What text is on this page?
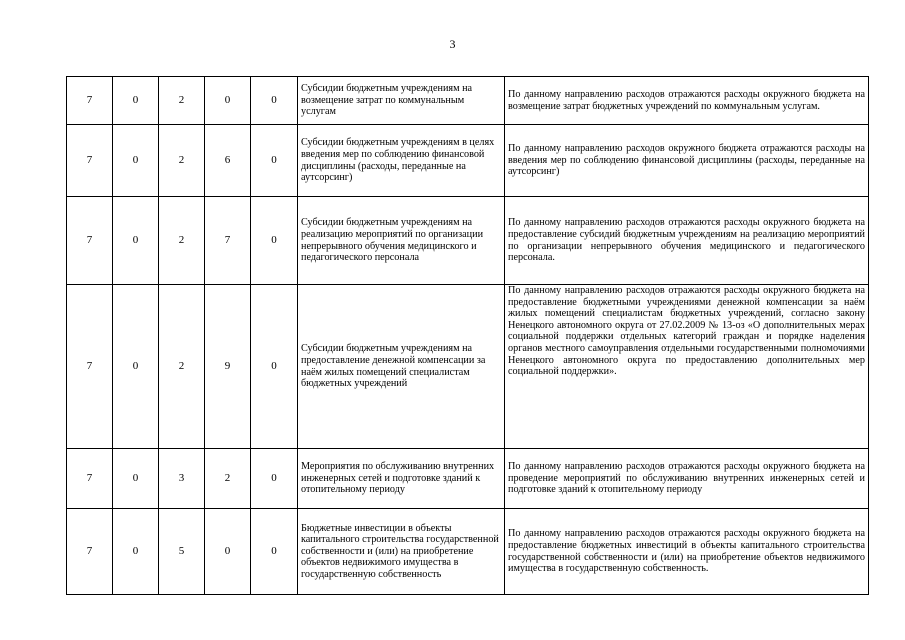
3
7	0	2	0	0	Субсидии бюджетным учреждениям на возмещение затрат по коммунальным услугам	По данному направлению расходов отражаются расходы окружного бюджета на возмещение затрат бюджетных учреждений по коммунальным услугам.
7	0	2	6	0	Субсидии бюджетным учреждениям в целях введения мер по соблюдению финансовой дисциплины (расходы, переданные на аутсорсинг)	По данному направлению расходов окружного бюджета отражаются расходы на введения мер по соблюдению финансовой дисциплины (расходы, переданные на аутсорсинг)
7	0	2	7	0	Субсидии бюджетным учреждениям на реализацию мероприятий по организации непрерывного обучения медицинского и педагогического персонала	По данному направлению расходов отражаются расходы окружного бюджета на предоставление субсидий бюджетным учреждениям на реализацию мероприятий по организации непрерывного обучения медицинского и педагогического персонала.
7	0	2	9	0	Субсидии бюджетным учреждениям на предоставление денежной компенсации за наём жилых помещений специалистам бюджетных учреждений	По данному направлению расходов отражаются расходы окружного бюджета на предоставление бюджетными учреждениями денежной компенсации за наём жилых помещений специалистам бюджетных учреждений, согласно закону Ненецкого автономного округа от 27.02.2009 № 13-оз «О дополнительных мерах социальной поддержки отдельных категорий граждан и порядке наделения органов местного самоуправления отдельными государственными полномочиями Ненецкого автономного округа по предоставлению дополнительных мер социальной поддержки».
7	0	3	2	0	Мероприятия по обслуживанию внутренних инженерных сетей и подготовке зданий к отопительному периоду	По данному направлению расходов отражаются расходы окружного бюджета на проведение мероприятий по обслуживанию внутренних инженерных сетей и подготовке зданий к отопительному периоду
7	0	5	0	0	Бюджетные инвестиции в объекты капитального строительства государственной собственности и (или) на приобретение объектов недвижимого имущества в государственную собственность	По данному направлению расходов отражаются расходы окружного бюджета на предоставление бюджетных инвестиций в объекты капитального строительства государственной собственности и (или) на приобретение объектов недвижимого имущества в государственную собственность.
